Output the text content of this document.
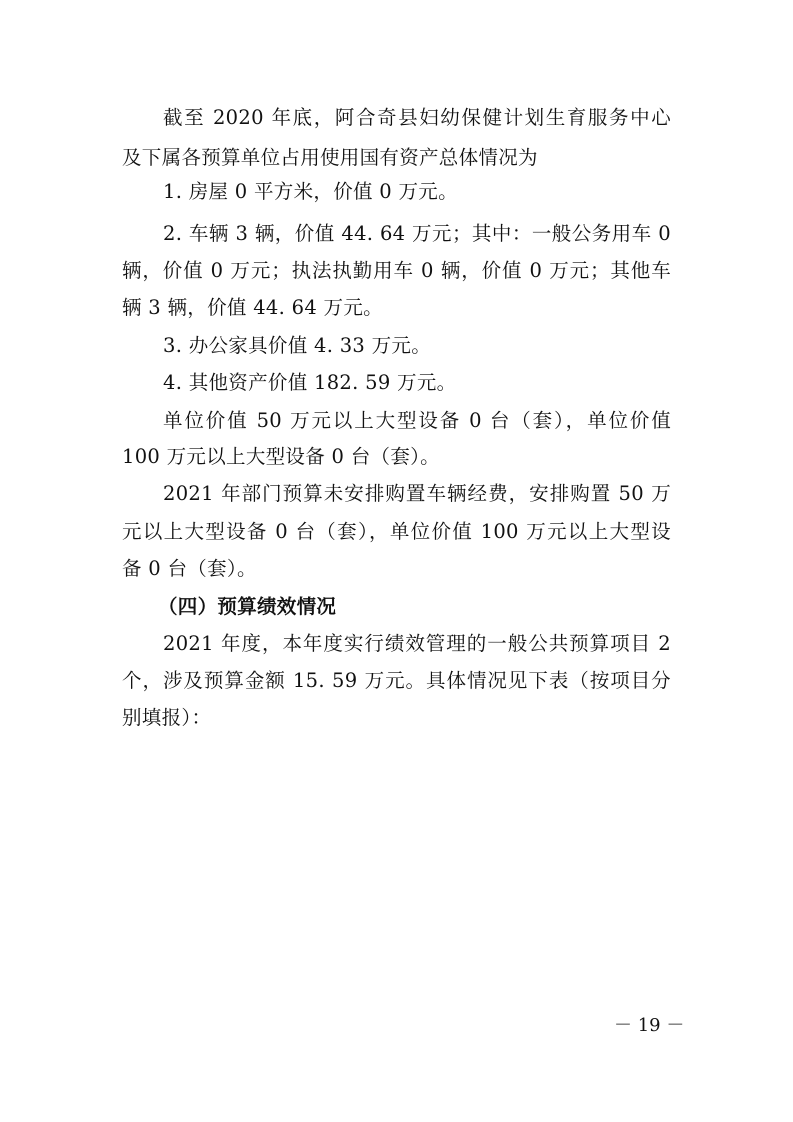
截至 2020 年底，阿合奇县妇幼保健计划生育服务中心
及下属各预算单位占用使用国有资产总体情况为
1. 房屋 0 平方米，价值 0 万元。
2. 车辆 3 辆，价值 44. 64 万元；其中：一般公务用车 0
辆，价值 0 万元；执法执勤用车 0 辆，价值 0 万元；其他车
辆 3 辆，价值 44. 64 万元。
3. 办公家具价值 4. 33 万元。
4. 其他资产价值 182. 59 万元。
单位价值 50 万元以上大型设备 0 台（套），单位价值
100 万元以上大型设备 0 台（套）。
2021 年部门预算未安排购置车辆经费，安排购置 50 万
元以上大型设备 0 台（套），单位价值 100 万元以上大型设
备 0 台（套）。
（四）预算绩效情况
2021 年度，本年度实行绩效管理的一般公共预算项目 2
个，涉及预算金额 15. 59 万元。具体情况见下表（按项目分
别填报）：
－ 19 －
